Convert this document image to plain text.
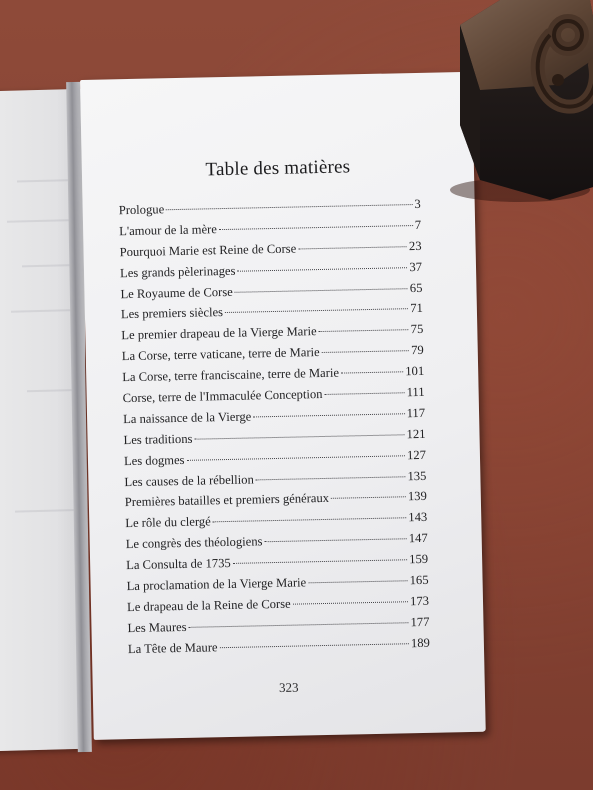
Table des matières
Prologue	3
L'amour de la mère	7
Pourquoi Marie est Reine de Corse	23
Les grands pèlerinages	37
Le Royaume de Corse	65
Les premiers siècles	71
Le premier drapeau de la Vierge Marie	75
La Corse, terre vaticane, terre de Marie	79
La Corse, terre franciscaine, terre de Marie	101
Corse, terre de l'Immaculée Conception	111
La naissance de la Vierge	117
Les traditions	121
Les dogmes	127
Les causes de la rébellion	135
Premières batailles et premiers généraux	139
Le rôle du clergé	143
Le congrès des théologiens	147
La Consulta de 1735	159
La proclamation de la Vierge Marie	165
Le drapeau de la Reine de Corse	173
Les Maures	177
La Tête de Maure	189
323
